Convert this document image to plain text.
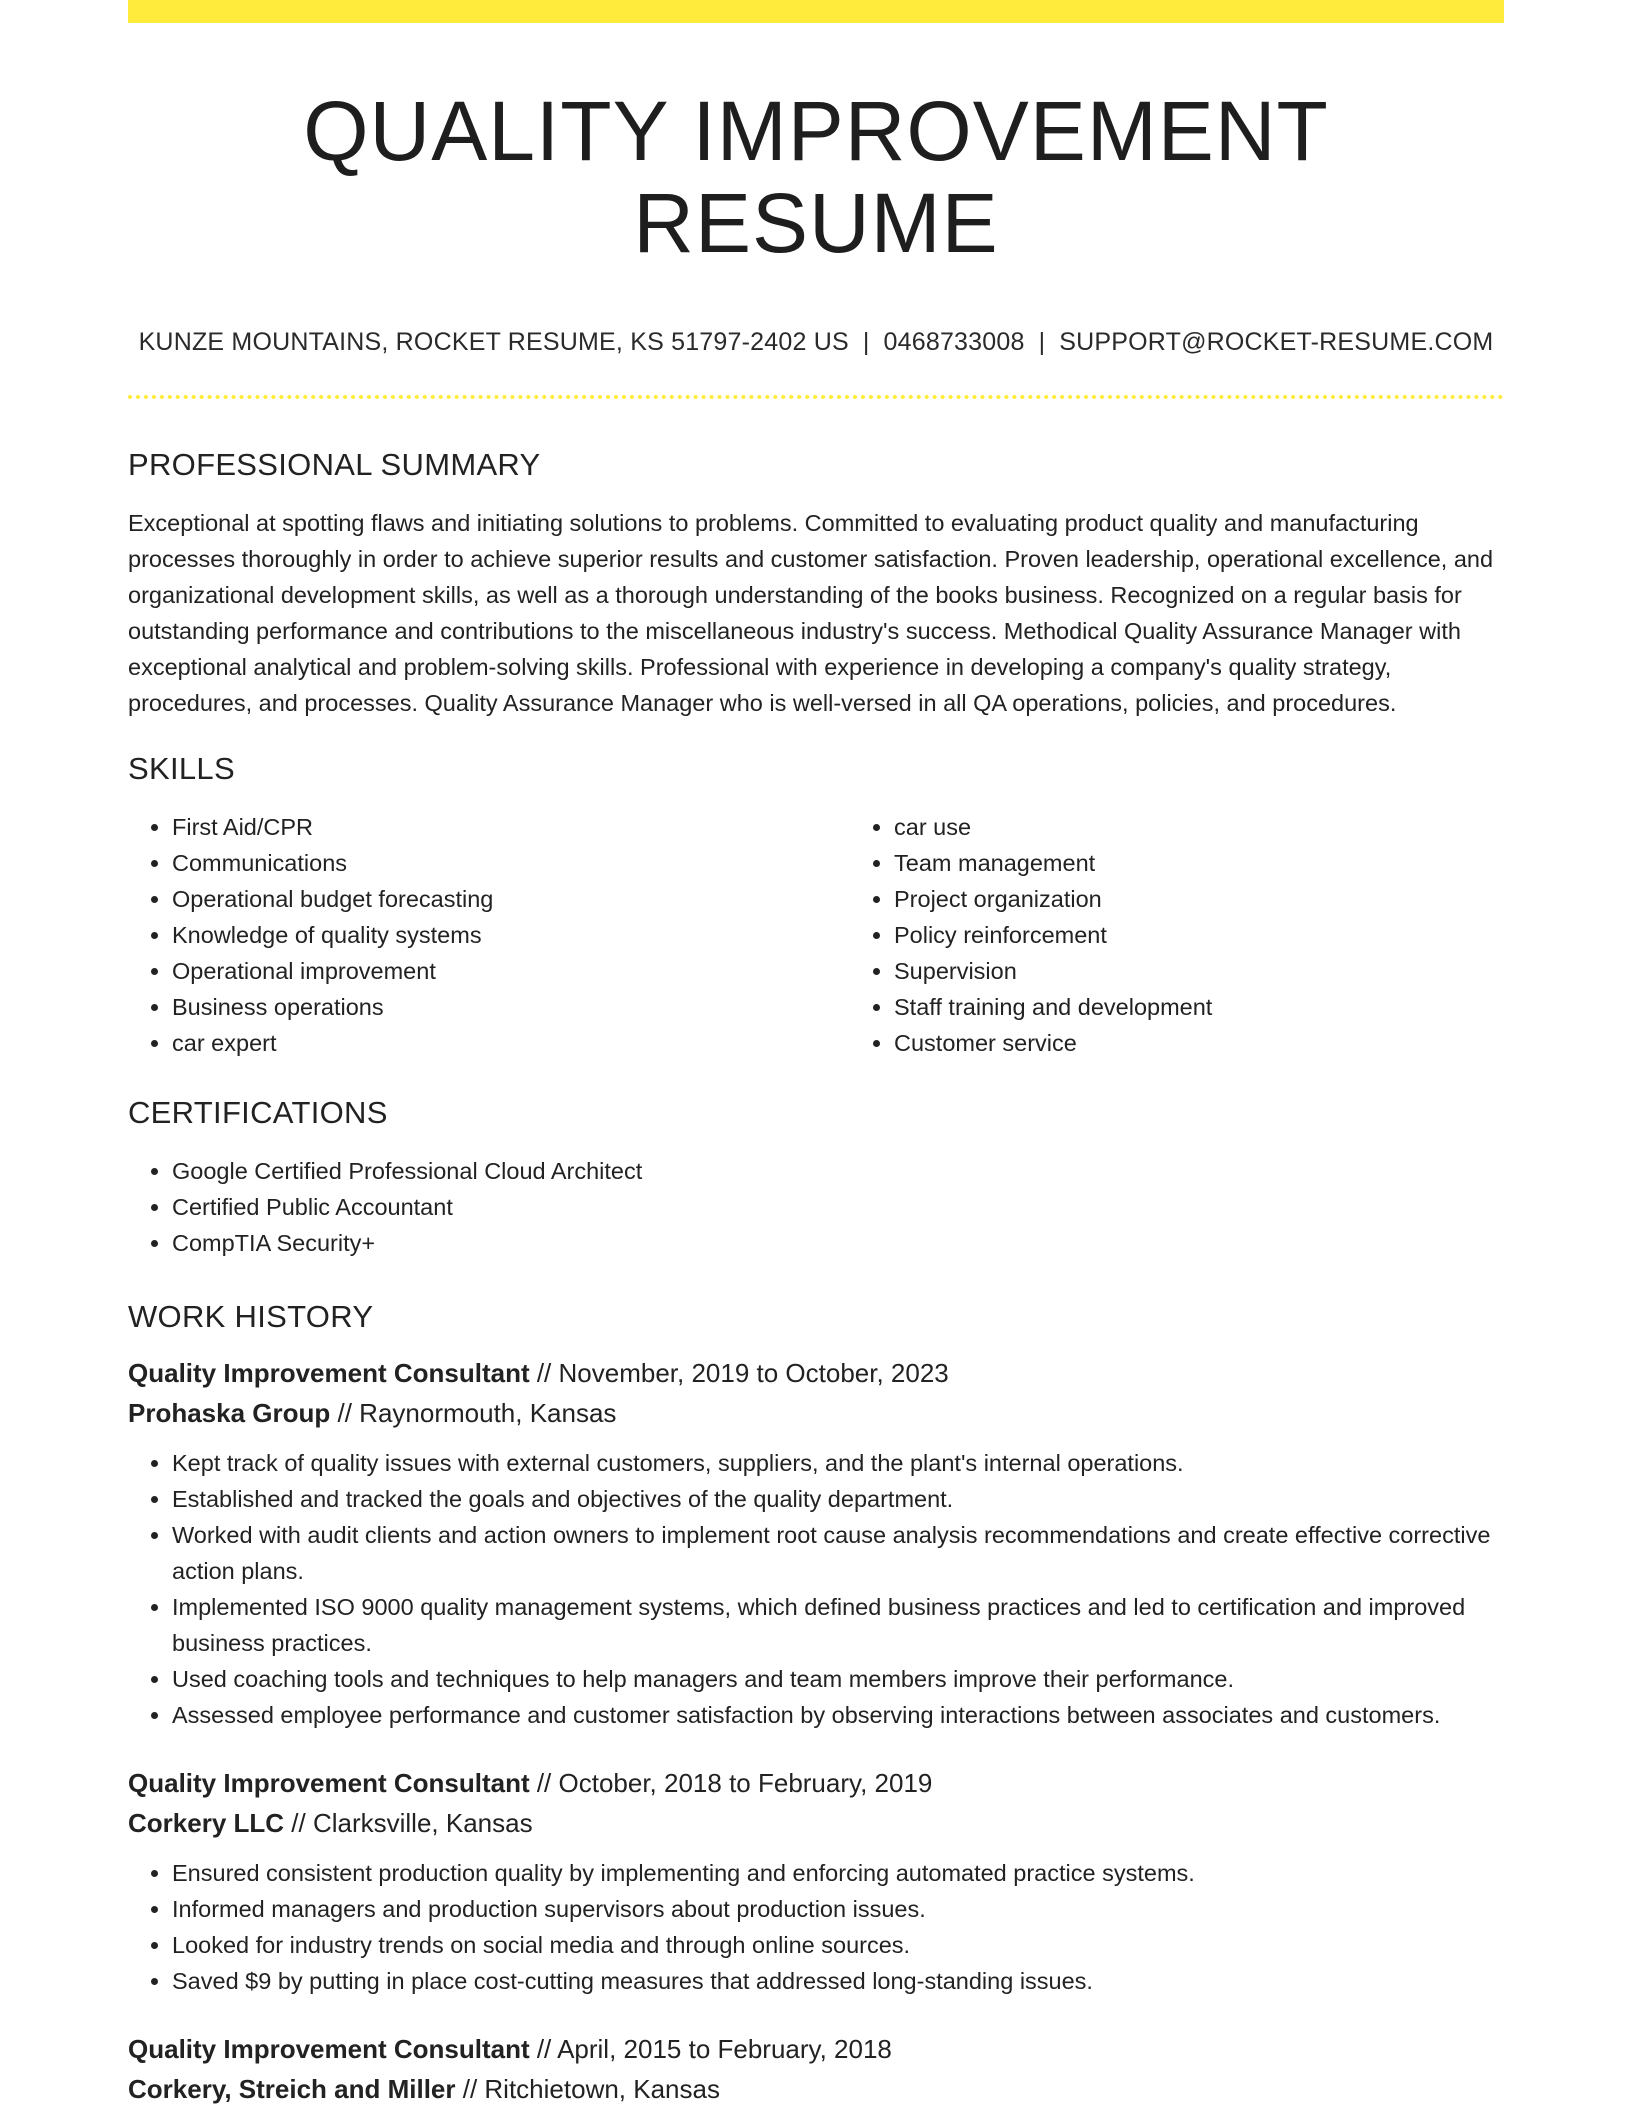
QUALITY IMPROVEMENT RESUME
KUNZE MOUNTAINS, ROCKET RESUME, KS 51797-2402 US | 0468733008 | SUPPORT@ROCKET-RESUME.COM
PROFESSIONAL SUMMARY

Exceptional at spotting flaws and initiating solutions to problems. Committed to evaluating product quality and manufacturing processes thoroughly in order to achieve superior results and customer satisfaction. Proven leadership, operational excellence, and organizational development skills, as well as a thorough understanding of the books business. Recognized on a regular basis for outstanding performance and contributions to the miscellaneous industry's success. Methodical Quality Assurance Manager with exceptional analytical and problem-solving skills. Professional with experience in developing a company's quality strategy, procedures, and processes. Quality Assurance Manager who is well-versed in all QA operations, policies, and procedures.

SKILLS
• First Aid/CPR
• Communications
• Operational budget forecasting
• Knowledge of quality systems
• Operational improvement
• Business operations
• car expert
• car use
• Team management
• Project organization
• Policy reinforcement
• Supervision
• Staff training and development
• Customer service
CERTIFICATIONS
• Google Certified Professional Cloud Architect
• Certified Public Accountant
• CompTIA Security+
WORK HISTORY
Quality Improvement Consultant // November, 2019 to October, 2023
Prohaska Group // Raynormouth, Kansas
• Kept track of quality issues with external customers, suppliers, and the plant's internal operations.
• Established and tracked the goals and objectives of the quality department.
• Worked with audit clients and action owners to implement root cause analysis recommendations and create effective corrective action plans.
• Implemented ISO 9000 quality management systems, which defined business practices and led to certification and improved business practices.
• Used coaching tools and techniques to help managers and team members improve their performance.
• Assessed employee performance and customer satisfaction by observing interactions between associates and customers.
Quality Improvement Consultant // October, 2018 to February, 2019
Corkery LLC // Clarksville, Kansas
• Ensured consistent production quality by implementing and enforcing automated practice systems.
• Informed managers and production supervisors about production issues.
• Looked for industry trends on social media and through online sources.
• Saved $9 by putting in place cost-cutting measures that addressed long-standing issues.
Quality Improvement Consultant // April, 2015 to February, 2018
Corkery, Streich and Miller // Ritchietown, Kansas
